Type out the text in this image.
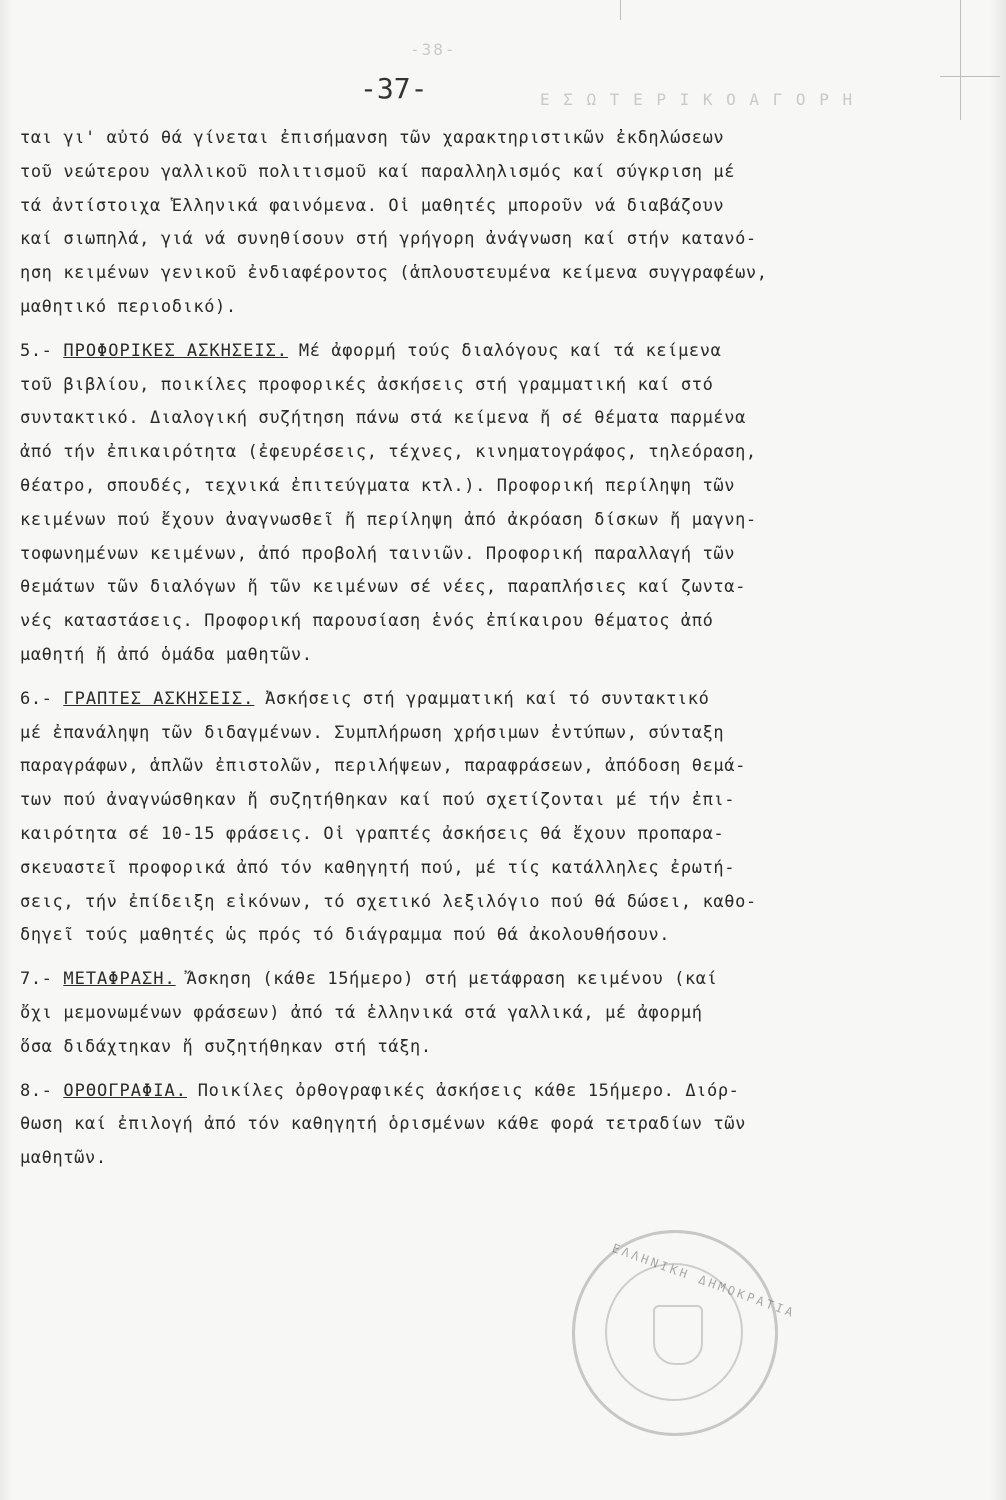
-38-
Ε Σ Ω Τ Ε Ρ Ι Κ Ο Α Γ Ο Ρ Η
-37-
ται γι' αὐτό θά γίνεται ἐπισήμανση τῶν χαρακτηριστικῶν ἐκδηλώσεων
τοῦ νεώτερου γαλλικοῦ πολιτισμοῦ καί παραλληλισμός καί σύγκριση μέ
τά ἀντίστοιχα Ἑλληνικά φαινόμενα. Οἱ μαθητές μποροῦν νά διαβάζουν
καί σιωπηλά, γιά νά συνηθίσουν στή γρήγορη ἀνάγνωση καί στήν κατανό-
ηση κειμένων γενικοῦ ἐνδιαφέροντος (ἁπλουστευμένα κείμενα συγγραφέων,
μαθητικό περιοδικό).
5.- ΠΡΟΦΟΡΙΚΕΣ ΑΣΚΗΣΕΙΣ. Μέ ἀφορμή τούς διαλόγους καί τά κείμενα
τοῦ βιβλίου, ποικίλες προφορικές ἀσκήσεις στή γραμματική καί στό
συντακτικό. Διαλογική συζήτηση πάνω στά κείμενα ἤ σέ θέματα παρμένα
ἀπό τήν ἐπικαιρότητα (ἐφευρέσεις, τέχνες, κινηματογράφος, τηλεόραση,
θέατρο, σπουδές, τεχνικά ἐπιτεύγματα κτλ.). Προφορική περίληψη τῶν
κειμένων πού ἔχουν ἀναγνωσθεῖ ἤ περίληψη ἀπό ἀκρόαση δίσκων ἤ μαγνη-
τοφωνημένων κειμένων, ἀπό προβολή ταινιῶν. Προφορική παραλλαγή τῶν
θεμάτων τῶν διαλόγων ἤ τῶν κειμένων σέ νέες, παραπλήσιες καί ζωντα-
νές καταστάσεις. Προφορική παρουσίαση ἑνός ἐπίκαιρου θέματος ἀπό
μαθητή ἤ ἀπό ὁμάδα μαθητῶν.
6.- ΓΡΑΠΤΕΣ ΑΣΚΗΣΕΙΣ. Ἀσκήσεις στή γραμματική καί τό συντακτικό
μέ ἐπανάληψη τῶν διδαγμένων. Συμπλήρωση χρήσιμων ἐντύπων, σύνταξη
παραγράφων, ἁπλῶν ἐπιστολῶν, περιλήψεων, παραφράσεων, ἀπόδοση θεμά-
των πού ἀναγνώσθηκαν ἤ συζητήθηκαν καί πού σχετίζονται μέ τήν ἐπι-
καιρότητα σέ 10-15 φράσεις. Οἱ γραπτές ἀσκήσεις θά ἔχουν προπαρα-
σκευαστεῖ προφορικά ἀπό τόν καθηγητή πού, μέ τίς κατάλληλες ἐρωτή-
σεις, τήν ἐπίδειξη εἰκόνων, τό σχετικό λεξιλόγιο πού θά δώσει, καθο-
δηγεῖ τούς μαθητές ὡς πρός τό διάγραμμα πού θά ἀκολουθήσουν.
7.- ΜΕΤΑΦΡΑΣΗ. Ἄσκηση (κάθε 15ήμερο) στή μετάφραση κειμένου (καί
ὄχι μεμονωμένων φράσεων) ἀπό τά ἑλληνικά στά γαλλικά, μέ ἀφορμή
ὅσα διδάχτηκαν ἤ συζητήθηκαν στή τάξη.
8.- ΟΡΘΟΓΡΑΦΙΑ. Ποικίλες ὀρθογραφικές ἀσκήσεις κάθε 15ήμερο. Διόρ-
θωση καί ἐπιλογή ἀπό τόν καθηγητή ὁρισμένων κάθε φορά τετραδίων τῶν
μαθητῶν.
ΕΛΛΗΝΙΚΗ ΔΗΜΟΚΡΑΤΙΑ
